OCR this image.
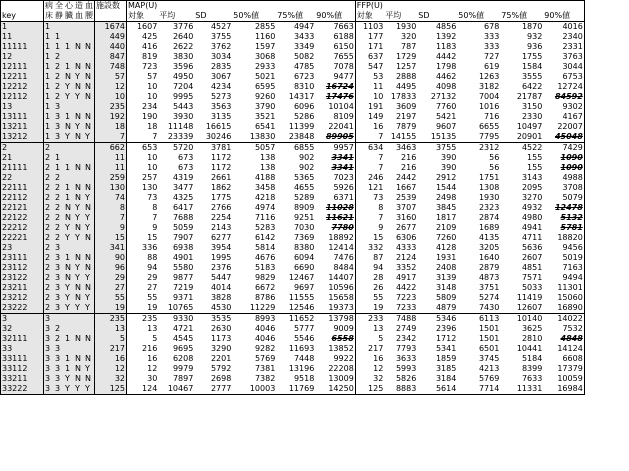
	病	全	心	造	血	施設数	MAP(U)						FFP(U)					
key	床	静	臓	血	腰		対象	平均	SD	50%値	75%値	90%値	対象	平均	SD	50%値	75%値	90%値
1	1					1674	1607	3776	4527	2855	4947	7663	1103	1930	4856	678	1870	4016
11	1	1				449	425	2640	3755	1160	3433	6188	177	320	1392	333	932	2340
11111	1	1	1	N	N	440	416	2622	3762	1597	3349	6150	171	787	1183	333	936	2331
12	1	2				847	819	3830	3034	3068	5082	7655	637	1729	4442	727	1755	3763
12111	1	2	1	N	N	748	723	3596	2835	2933	4785	7078	547	1257	1798	619	1584	3044
12211	1	2	N	Y	N	57	57	4950	3067	5021	6723	9477	53	2888	4462	1263	3555	6753
12212	1	2	Y	N	N	12	10	7204	4234	6595	8310	16724	11	4495	4098	3182	6422	12724
12112	1	2	Y	Y	N	10	10	9995	5273	9260	14317	17476	10	17833	27132	7004	21787	84592
13	1	3				235	234	5443	3563	3790	6096	10104	191	3609	7760	1016	3150	9302
13111	1	3	1	N	N	192	190	3930	3135	3521	5286	8109	149	2197	5421	716	2330	4167
13211	1	3	N	Y	N	18	18	11148	16615	6541	11399	22041	16	7879	9607	6655	10497	22007
13212	1	3	Y	N	Y	7	7	23339	30246	13830	23848	89905	7	14155	15135	7795	20901	45048
2	2					662	653	5720	3781	5057	6855	9957	634	3463	3755	2312	4522	7429
21	2	1				11	10	673	1172	138	902	3341	7	216	390	56	155	1090
21111	2	1	1	N	N	11	10	673	1172	138	902	3341	7	216	390	56	155	1090
22	2	2				259	257	4319	2661	4188	5365	7023	246	2442	2912	1751	3143	4988
22111	2	2	1	N	N	130	130	3477	1862	3458	4655	5926	121	1667	1544	1308	2095	3708
22112	2	2	1	N	Y	74	73	4325	1775	4218	5289	6371	73	2539	2498	1930	3270	5079
22121	2	2	N	Y	N	8	8	6417	2766	4974	8909	11028	8	3707	3845	2323	4932	12478
22122	2	2	N	Y	Y	7	7	7688	2254	7116	9251	11621	7	3160	1817	2874	4980	5132
22212	2	2	Y	N	Y	9	9	5059	2143	5283	7030	7780	9	2677	2109	1689	4941	5781
22221	2	2	Y	Y	N	15	15	7907	6277	6142	7369	18892	15	6306	7260	4135	4711	18820
23	2	3				341	336	6938	3954	5814	8380	12414	332	4333	4128	3205	5636	9456
23111	2	3	1	N	N	90	88	4901	1995	4676	6094	7476	87	2124	1931	1640	2607	5019
23112	2	3	N	Y	N	96	94	5580	2376	5183	6690	8484	94	3352	2408	2879	4851	7163
23122	2	3	N	Y	Y	29	29	9877	5447	9829	12467	14407	28	4917	3139	4873	7571	9494
23211	2	3	Y	N	N	27	27	7219	4014	6672	9697	10596	26	4422	3148	3751	5033	11301
23212	2	3	Y	N	Y	55	55	9371	3828	8786	11555	15658	55	7223	5809	5274	11419	15060
23222	2	3	Y	Y	Y	19	19	10765	4530	11229	12546	19373	19	7233	4879	7430	12607	16890
3	3					235	235	9330	3535	8993	11652	13798	233	7488	5346	6113	10140	14022
32	3	2				13	13	4721	2630	4046	5777	9009	13	2749	2396	1501	3625	7532
32111	3	2	1	N	N	5	5	4545	1173	4046	5546	6558	5	2342	1712	1501	2810	4848
33	3	3				217	216	9695	3290	9282	11693	13852	217	7793	5341	6501	10441	14124
33111	3	3	1	N	N	16	16	6208	2201	5769	7448	9922	16	3633	1859	3745	5184	6608
33112	3	3	1	N	Y	12	12	9979	5792	7381	13196	22208	12	5993	3185	4213	8399	17379
33211	3	3	Y	N	N	32	30	7897	2698	7382	9518	13009	32	5826	3184	5769	7633	10059
33222	3	3	Y	Y	Y	125	124	10467	2777	10003	11769	14250	125	8883	5614	7714	11331	16984
